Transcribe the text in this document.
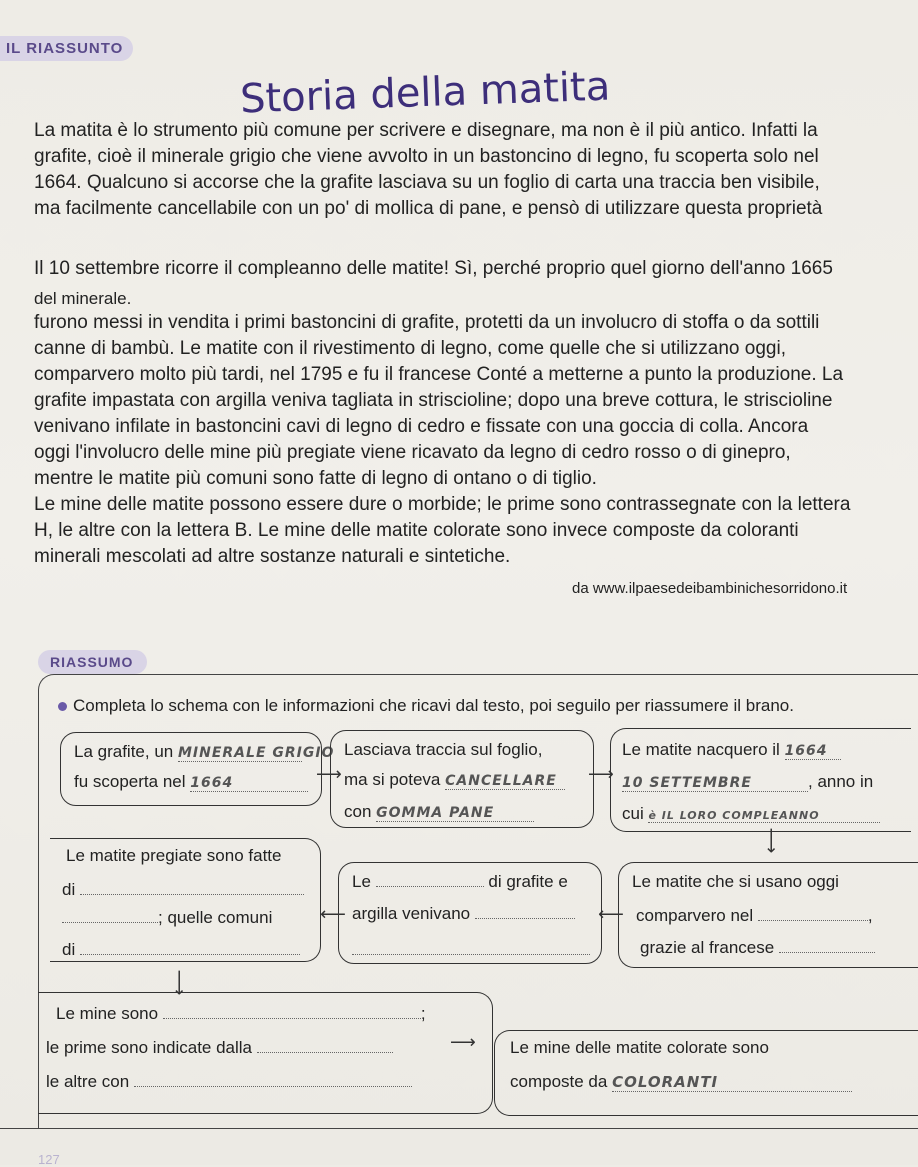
IL RIASSUNTO
Storia della matita
La matita è lo strumento più comune per scrivere e disegnare, ma non è il più antico. Infatti la
grafite, cioè il minerale grigio che viene avvolto in un bastoncino di legno, fu scoperta solo nel
1664. Qualcuno si accorse che la grafite lasciava su un foglio di carta una traccia ben visibile,
ma facilmente cancellabile con un po' di mollica di pane, e pensò di utilizzare questa proprietà
del minerale.
Il 10 settembre ricorre il compleanno delle matite! Sì, perché proprio quel giorno dell'anno 1665
furono messi in vendita i primi bastoncini di grafite, protetti da un involucro di stoffa o da sottili
canne di bambù. Le matite con il rivestimento di legno, come quelle che si utilizzano oggi,
comparvero molto più tardi, nel 1795 e fu il francese Conté a metterne a punto la produzione. La
grafite impastata con argilla veniva tagliata in striscioline; dopo una breve cottura, le striscioline
venivano infilate in bastoncini cavi di legno di cedro e fissate con una goccia di colla. Ancora
oggi l'involucro delle mine più pregiate viene ricavato da legno di cedro rosso o di ginepro,
mentre le matite più comuni sono fatte di legno di ontano o di tiglio.
Le mine delle matite possono essere dure o morbide; le prime sono contrassegnate con la lettera
H, le altre con la lettera B. Le mine delle matite colorate sono invece composte da coloranti
minerali mescolati ad altre sostanze naturali e sintetiche.
da www.ilpaesedeibambinichesorridono.it
RIASSUMO
Completa lo schema con le informazioni che ricavi dal testo, poi seguilo per riassumere il brano.
La grafite, un MINERALE GRIGIO
fu scoperta nel 1664	⟶
Lasciava traccia sul foglio,
ma si poteva CANCELLARE
con GOMMA PANE
⟶
Le matite nacquero il 1664
10 SETTEMBRE	, anno in
cui è IL LORO COMPLEANNO
⟶
Le matite pregiate sono fatte
di
; quelle comuni
di
⟵
Le	di grafite e
argilla venivano	⟵
Le matite che si usano oggi
comparvero nel	,
grazie al francese
⟶
Le mine sono	;
le prime sono indicate dalla
le altre con
⟶ Le mine delle matite colorate sono
composte da COLORANTI
127
